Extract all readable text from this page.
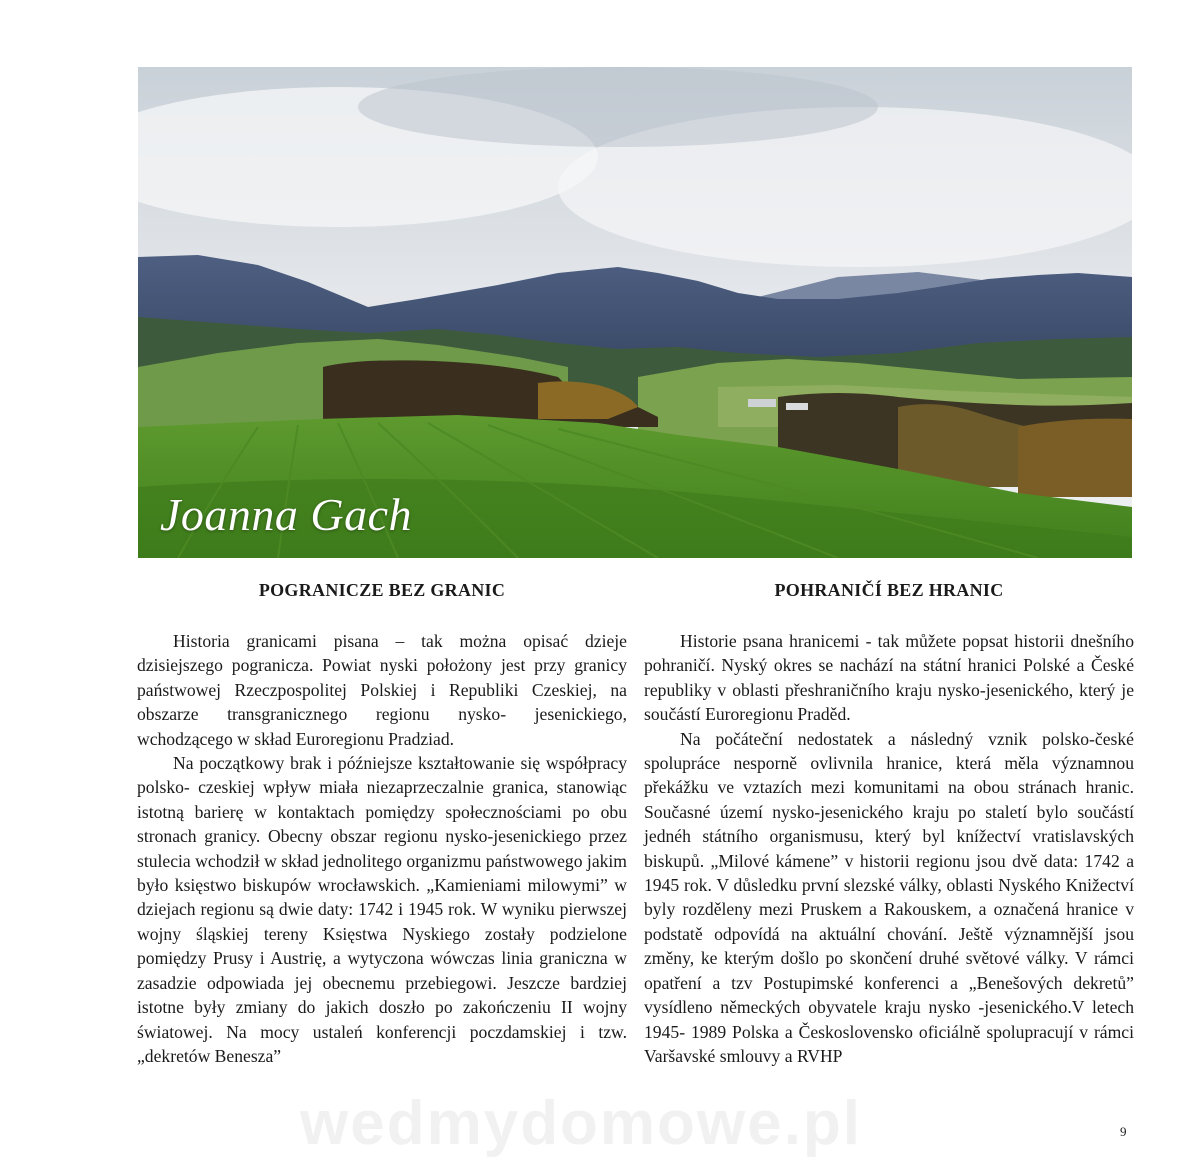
Joanna Gach
POGRANICZE BEZ GRANIC

Historia granicami pisana – tak można opisać dzieje dzisiejszego pogranicza. Powiat nyski położony jest przy granicy państwowej Rzeczpospolitej Polskiej i Republiki Czeskiej, na obszarze transgranicznego regionu nysko- jesenickiego, wchodzącego w skład Euroregionu Pradziad.

Na początkowy brak i późniejsze kształtowanie się współpracy polsko- czeskiej wpływ miała niezaprzeczalnie granica, stanowiąc istotną barierę w kontaktach pomiędzy społecznościami po obu stronach granicy. Obecny obszar regionu nysko-jesenickiego przez stulecia wchodził w skład jednolitego organizmu państwowego jakim było księstwo biskupów wrocławskich. „Kamieniami milowymi” w dziejach regionu są dwie daty: 1742 i 1945 rok. W wyniku pierwszej wojny śląskiej tereny Księstwa Nyskiego zostały podzielone pomiędzy Prusy i Austrię, a wytyczona wówczas linia graniczna w zasadzie odpowiada jej obecnemu przebiegowi. Jeszcze bardziej istotne były zmiany do jakich doszło po zakończeniu II wojny światowej. Na mocy ustaleń konferencji poczdamskiej i tzw. „dekretów Benesza”

POHRANIČÍ BEZ HRANIC

Historie psana hranicemi - tak můžete popsat historii dnešního pohraničí. Nyský okres se nachází na státní hranici Polské a České republiky v oblasti přeshraničního kraju nysko-jesenického, který je součástí Euroregionu Praděd.

Na počáteční nedostatek a následný vznik polsko-české spolupráce nesporně ovlivnila hranice, která měla významnou překážku ve vztazích mezi komunitami na obou stránach hranic. Současné území nysko-jesenického kraju po staletí bylo součástí jednéh státního organismusu, který byl knížectví vratislavských biskupů. „Milové kámene” v historii regionu jsou dvě data: 1742 a 1945 rok. V důsledku první slezské války, oblasti Nyského Knižectví byly rozděleny mezi Pruskem a Rakouskem, a označená hranice v podstatě odpovídá na aktuální chování. Ještě významnější jsou změny, ke kterým došlo po skončení druhé světové války. V rámci opatření a tzv Postupimské konferenci a „Benešových dekretů” vysídleno německých obyvatele kraju nysko -jesenického.V letech 1945- 1989 Polska a Československo oficiálně spolupracují v rámci Varšavské smlouvy a RVHP

wedmydomowe.pl	9
